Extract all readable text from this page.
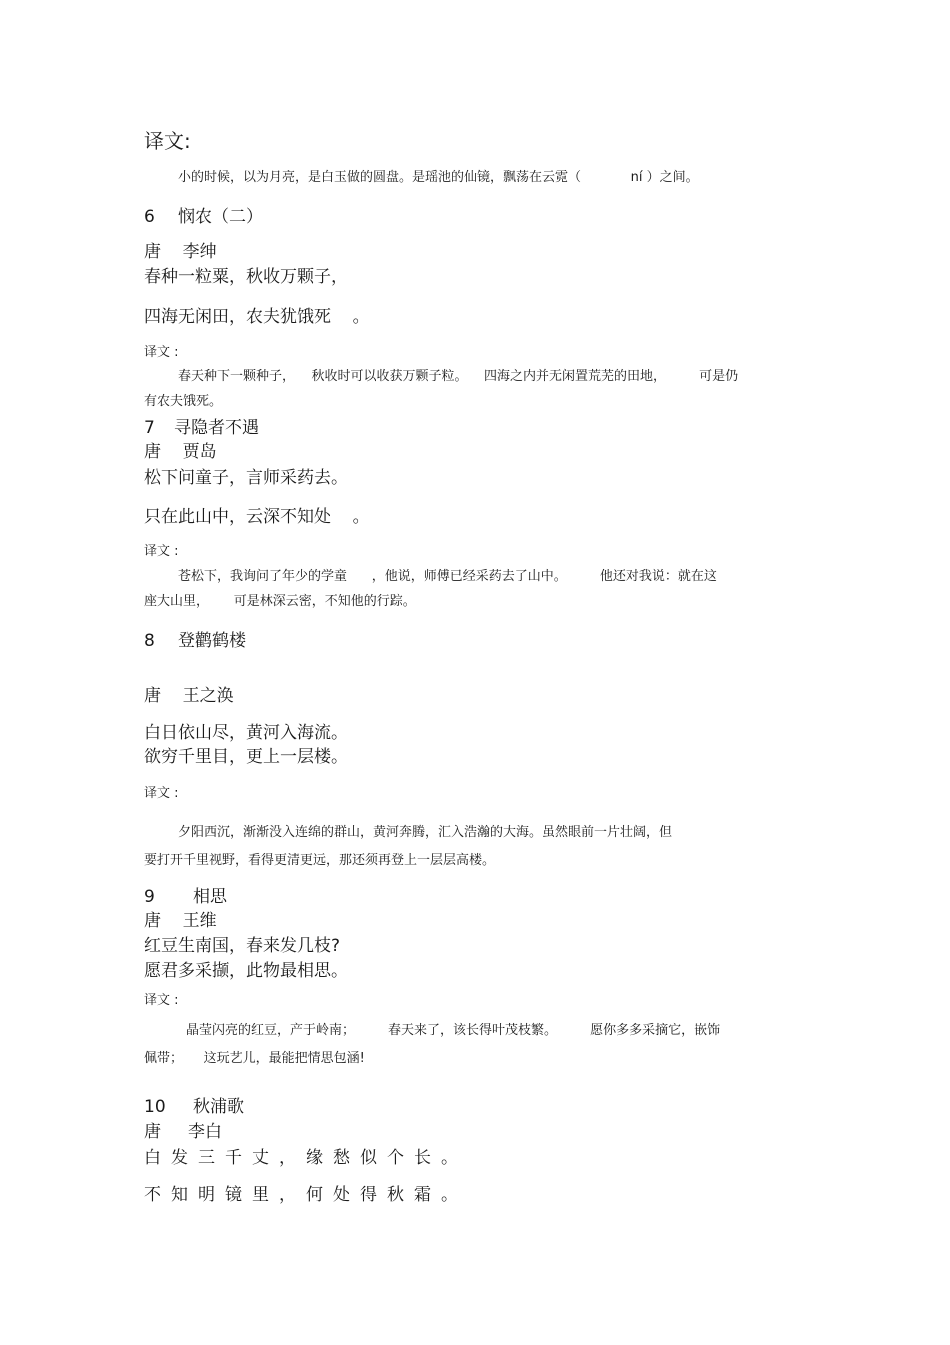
译文:
小的时候，以为月亮，是白玉做的圆盘。是瑶池的仙镜，飘荡在云霓（            ní ）之间。
6 悯农（二）
唐    李绅
春种一粒粟，秋收万颗子，
四海无闲田，农夫犹饿死    。
译文 :
春天种下一颗种子，    秋收时可以收获万颗子粒。    四海之内并无闲置荒芜的田地，        可是仍
有农夫饿死。
7 寻隐者不遇
唐    贾岛
松下问童子，言师采药去。
只在此山中，云深不知处    。
译文 :
苍松下，我询问了年少的学童      ，他说，师傅已经采药去了山中。        他还对我说：就在这
座大山里，      可是林深云密，不知他的行踪。
8 登鹳鹤楼
唐    王之涣
白日依山尽，黄河入海流。
欲穷千里目，更上一层楼。
译文 :
夕阳西沉，渐渐没入连绵的群山，黄河奔腾，汇入浩瀚的大海。虽然眼前一片壮阔，但
要打开千里视野，看得更清更远，那还须再登上一层层高楼。
9 相思
唐    王维
红豆生南国，春来发几枝?
愿君多采撷，此物最相思。
译文 :
晶莹闪亮的红豆，产于岭南；        春天来了，该长得叶茂枝繁。        愿你多多采摘它，嵌饰
佩带；     这玩艺儿，最能把情思包涵!
10 秋浦歌
唐     李白
白发三千丈，缘愁似个长。
不知明镜里，何处得秋霜。
